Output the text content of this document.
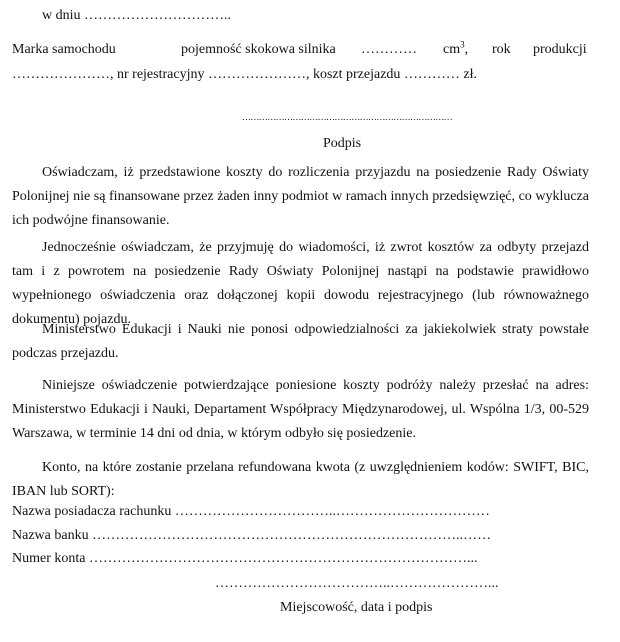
w dniu …………………………..
Marka samochodu	pojemność skokowa silnika ………… $cm^3$, rok produkcji
…………………, nr rejestracyjny …………………, koszt przejazdu ………… zł.
…………………………………………………………………
Podpis

Oświadczam, iż przedstawione koszty do rozliczenia przyjazdu na posiedzenie Rady Oświaty Polonijnej nie są finansowane przez żaden inny podmiot w ramach innych przedsięwzięć, co wyklucza ich podwójne finansowanie.

Jednocześnie oświadczam, że przyjmuję do wiadomości, iż zwrot kosztów za odbyty przejazd tam i z powrotem na posiedzenie Rady Oświaty Polonijnej nastąpi na podstawie prawidłowo wypełnionego oświadczenia oraz dołączonej kopii dowodu rejestracyjnego (lub równoważnego dokumentu) pojazdu.

Ministerstwo Edukacji i Nauki nie ponosi odpowiedzialności za jakiekolwiek straty powstałe podczas przejazdu.

Niniejsze oświadczenie potwierdzające poniesione koszty podróży należy przesłać na adres: Ministerstwo Edukacji i Nauki, Departament Współpracy Międzynarodowej, ul. Wspólna 1/3, 00-529 Warszawa, w terminie 14 dni od dnia, w którym odbyło się posiedzenie.

Konto, na które zostanie przelana refundowana kwota (z uwzględnieniem kodów: SWIFT, BIC, IBAN lub SORT):

Nazwa posiadacza rachunku ……………………………..……………………………
Nazwa banku ……………………………………………………………………..……
Numer konta ………………………………………………………………………...
………………………………..…………………...
Miejscowość, data i podpis
